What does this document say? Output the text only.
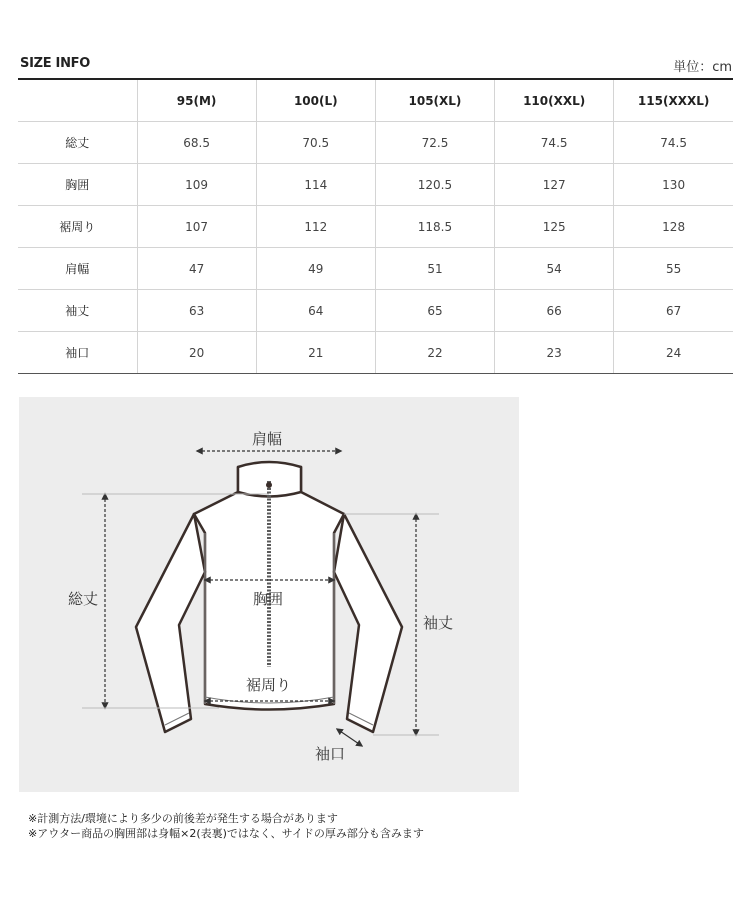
SIZE INFO	単位：cm
	95(M)	100(L)	105(XL)	110(XXL)	115(XXXL)
総丈	68.5	70.5	72.5	74.5	74.5
胸囲	109	114	120.5	127	130
裾周り	107	112	118.5	125	128
肩幅	47	49	51	54	55
袖丈	63	64	65	66	67
袖口	20	21	22	23	24
肩幅
総丈	胸囲
裾周り
袖丈
袖口
※計測方法/環境により多少の前後差が発生する場合があります
※アウター商品の胸囲部は身幅×2(表裏)ではなく、サイドの厚み部分も含みます
